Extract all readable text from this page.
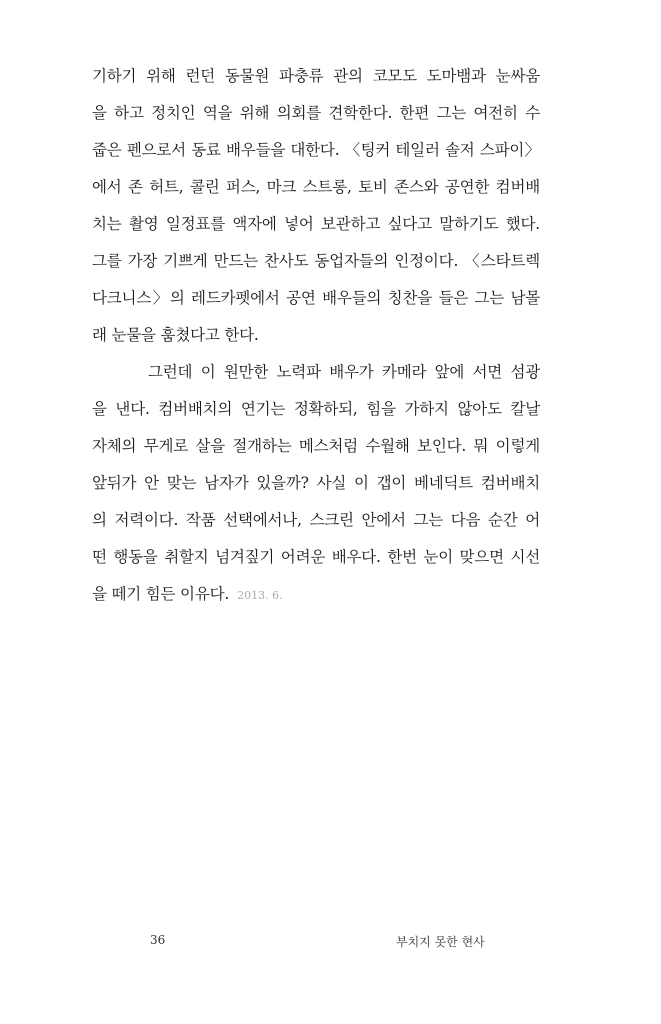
기하기 위해 런던 동물원 파충류 관의 코모도 도마뱀과 눈싸움
을 하고 정치인 역을 위해 의회를 견학한다. 한편 그는 여전히 수
줍은 펜으로서 동료 배우들을 대한다. 〈팅커 테일러 솔저 스파이〉
에서 존 허트, 콜린 퍼스, 마크 스트롱, 토비 존스와 공연한 컴버배
치는 촬영 일정표를 액자에 넣어 보관하고 싶다고 말하기도 했다.
그를 가장 기쁘게 만드는 찬사도 동업자들의 인정이다. 〈스타트렉
다크니스〉의 레드카펫에서 공연 배우들의 칭찬을 들은 그는 남몰
래 눈물을 훔쳤다고 한다.
그런데 이 원만한 노력파 배우가 카메라 앞에 서면 섬광
을 낸다. 컴버배치의 연기는 정확하되, 힘을 가하지 않아도 칼날
자체의 무게로 살을 절개하는 메스처럼 수월해 보인다. 뭐 이렇게
앞뒤가 안 맞는 남자가 있을까? 사실 이 갭이 베네딕트 컴버배치
의 저력이다. 작품 선택에서나, 스크린 안에서 그는 다음 순간 어
떤 행동을 취할지 넘겨짚기 어려운 배우다. 한번 눈이 맞으면 시선
을 떼기 힘든 이유다. 2013. 6.
36	부치지 못한 현사
